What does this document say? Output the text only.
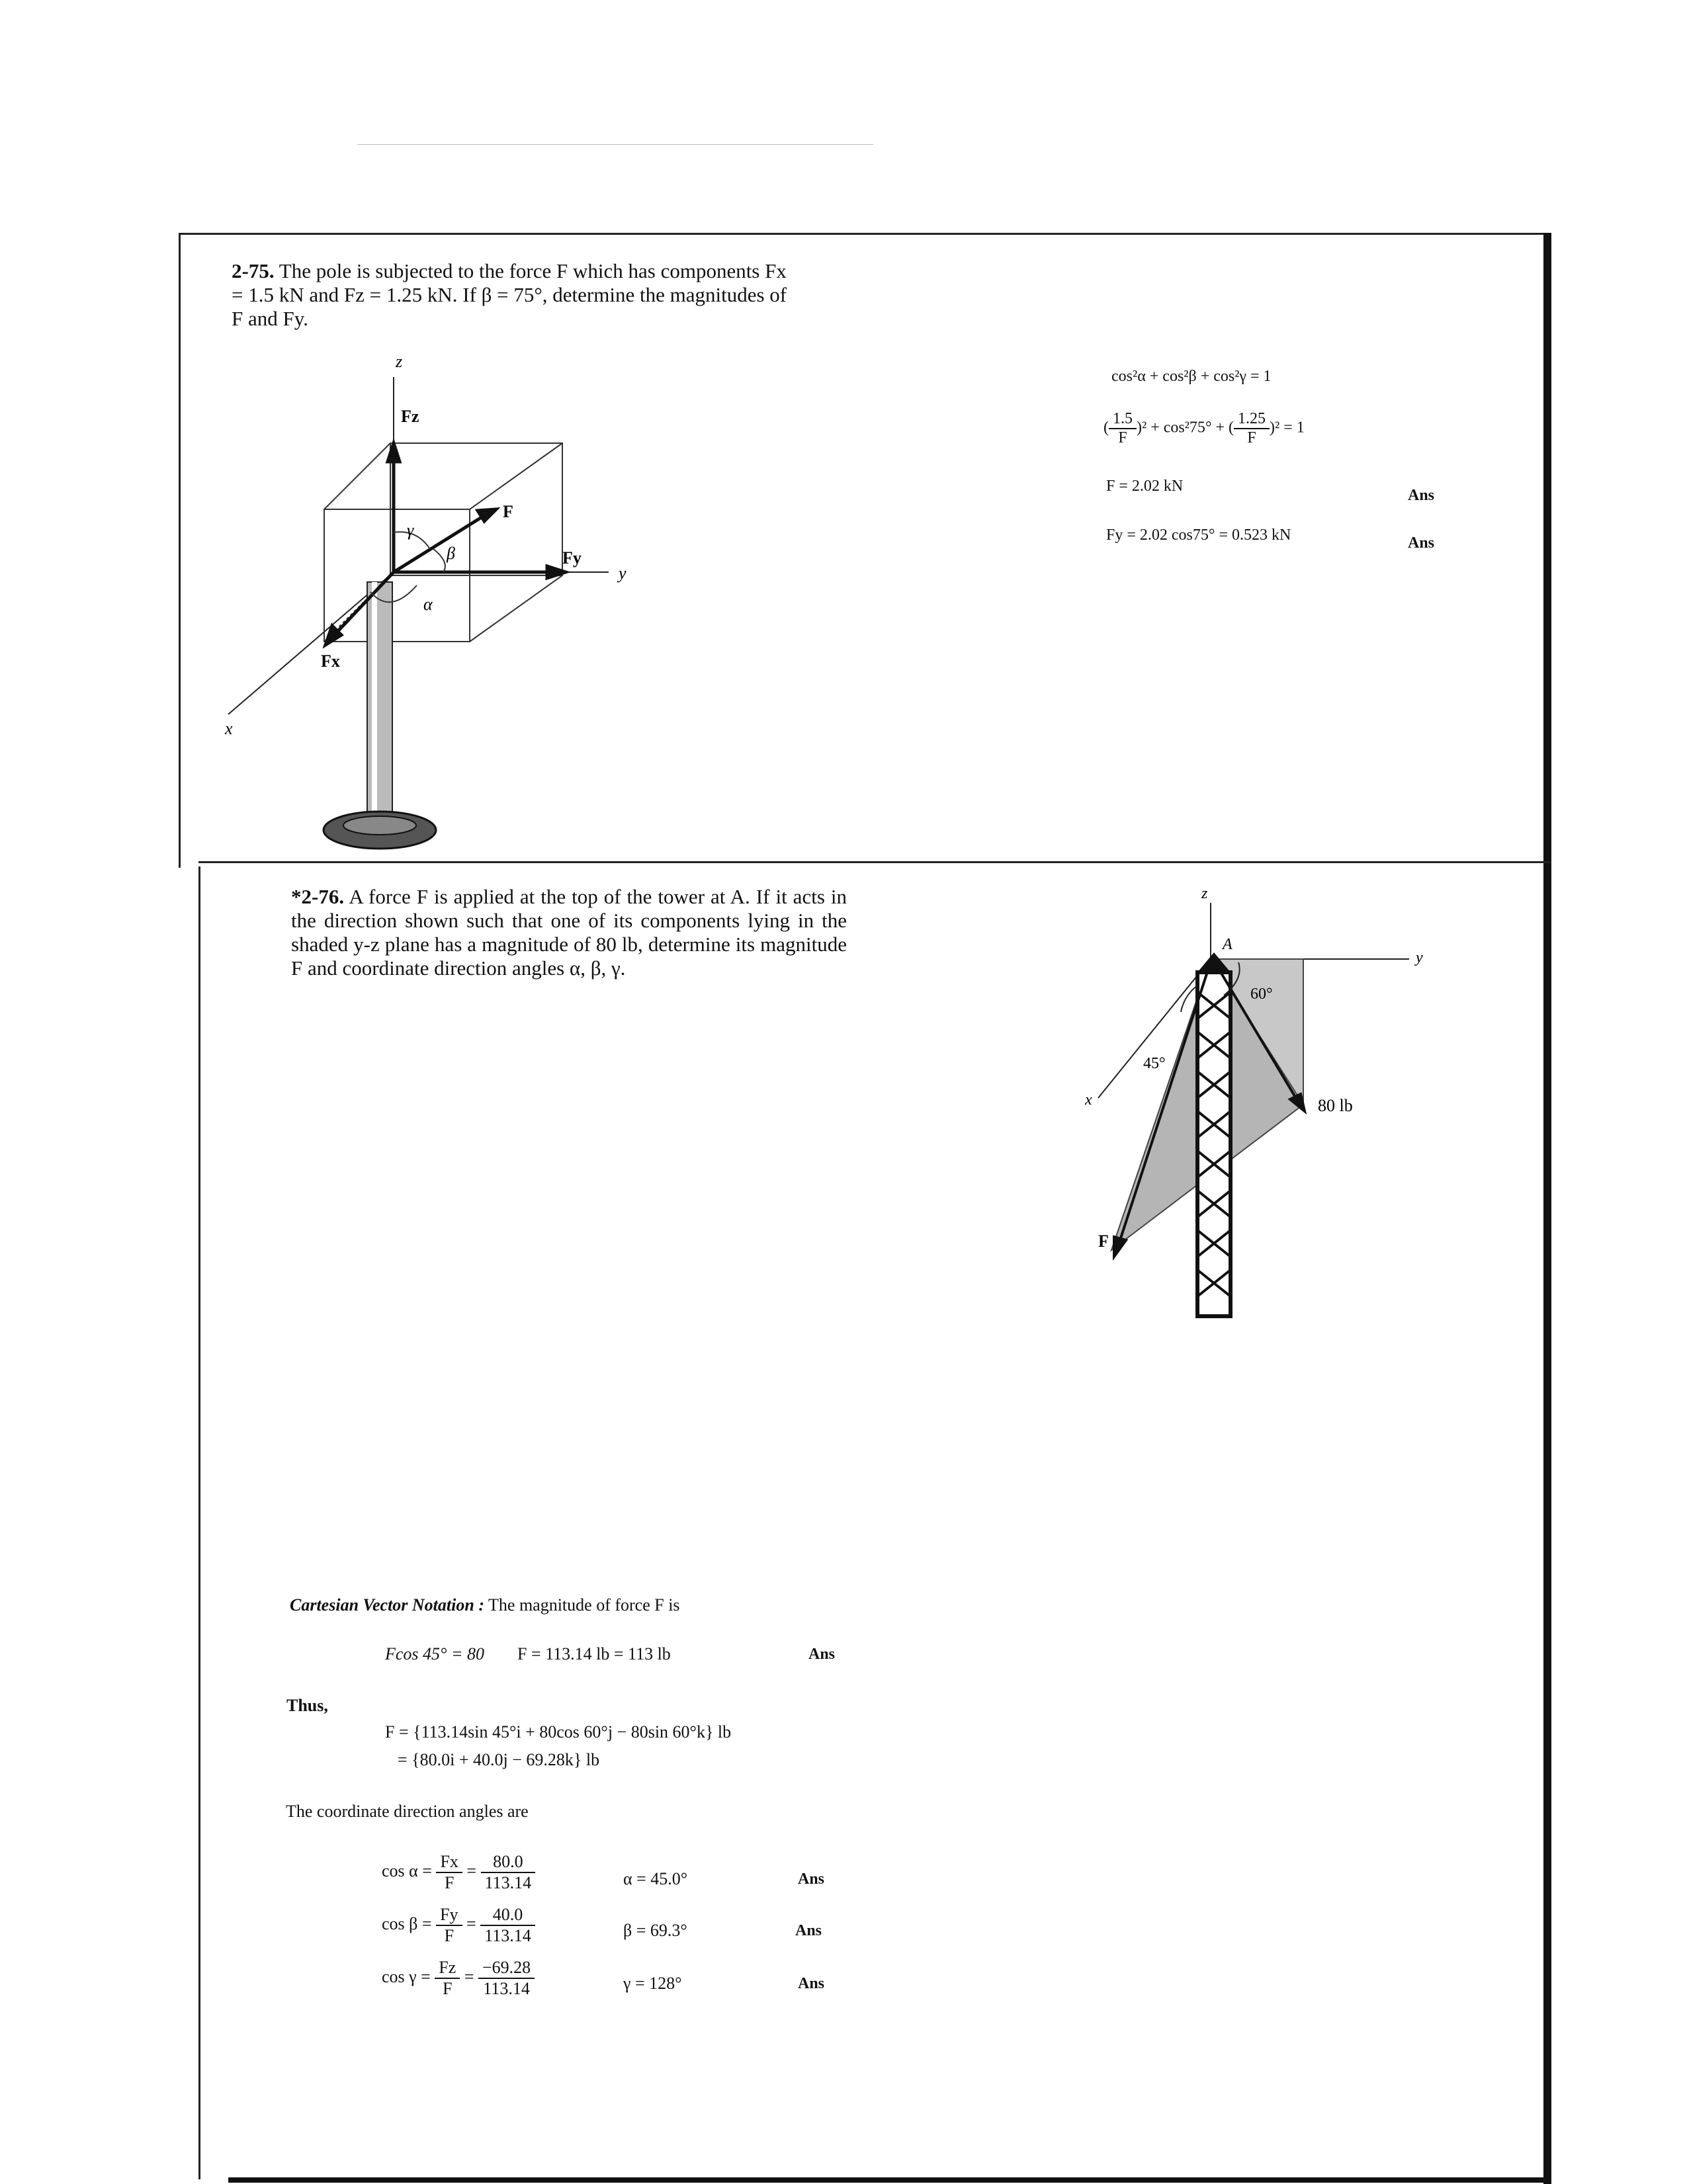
2-75. The pole is subjected to the force F which has components Fx = 1.5 kN and Fz = 1.25 kN. If β = 75°, determine the magnitudes of F and Fy.
z
Fz
F
Fy
y
Fx
x
γ
β
α
cos²α + cos²β + cos²γ = 1
( $\frac{1.5}{F} )^2 + \cos^275^\circ$ + ( $\frac{1.25}{F} )^2 = 1$
F = 2.02 kN
Ans
Fy = 2.02 cos75° = 0.523 kN	Ans
*2-76. A force F is applied at the top of the tower at A. If it acts in the direction shown such that one of its components lying in the shaded y-z plane has a magnitude of 80 lb, determine its magnitude F and coordinate direction angles α, β, γ.
z
A
y
x
60°
45°
80 lb
F
Cartesian Vector Notation : The magnitude of force F is
Fcos 45° = 80 F = 113.14 lb = 113 lb	Ans
Thus,
F = {113.14sin 45°i + 80cos 60°j − 80sin 60°k} lb
= {80.0i + 40.0j − 69.28k} lb
The coordinate direction angles are
$\cos \alpha = \frac{Fx}{F} = \frac{80.0}{113.14}$	α = 45.0°	Ans
$\cos \beta = \frac{Fy}{F} = \frac{40.0}{113.14}$	β = 69.3°	Ans
$\cos \gamma = \frac{Fz}{F} = \frac{-69.28}{113.14}$	γ = 128°	Ans
